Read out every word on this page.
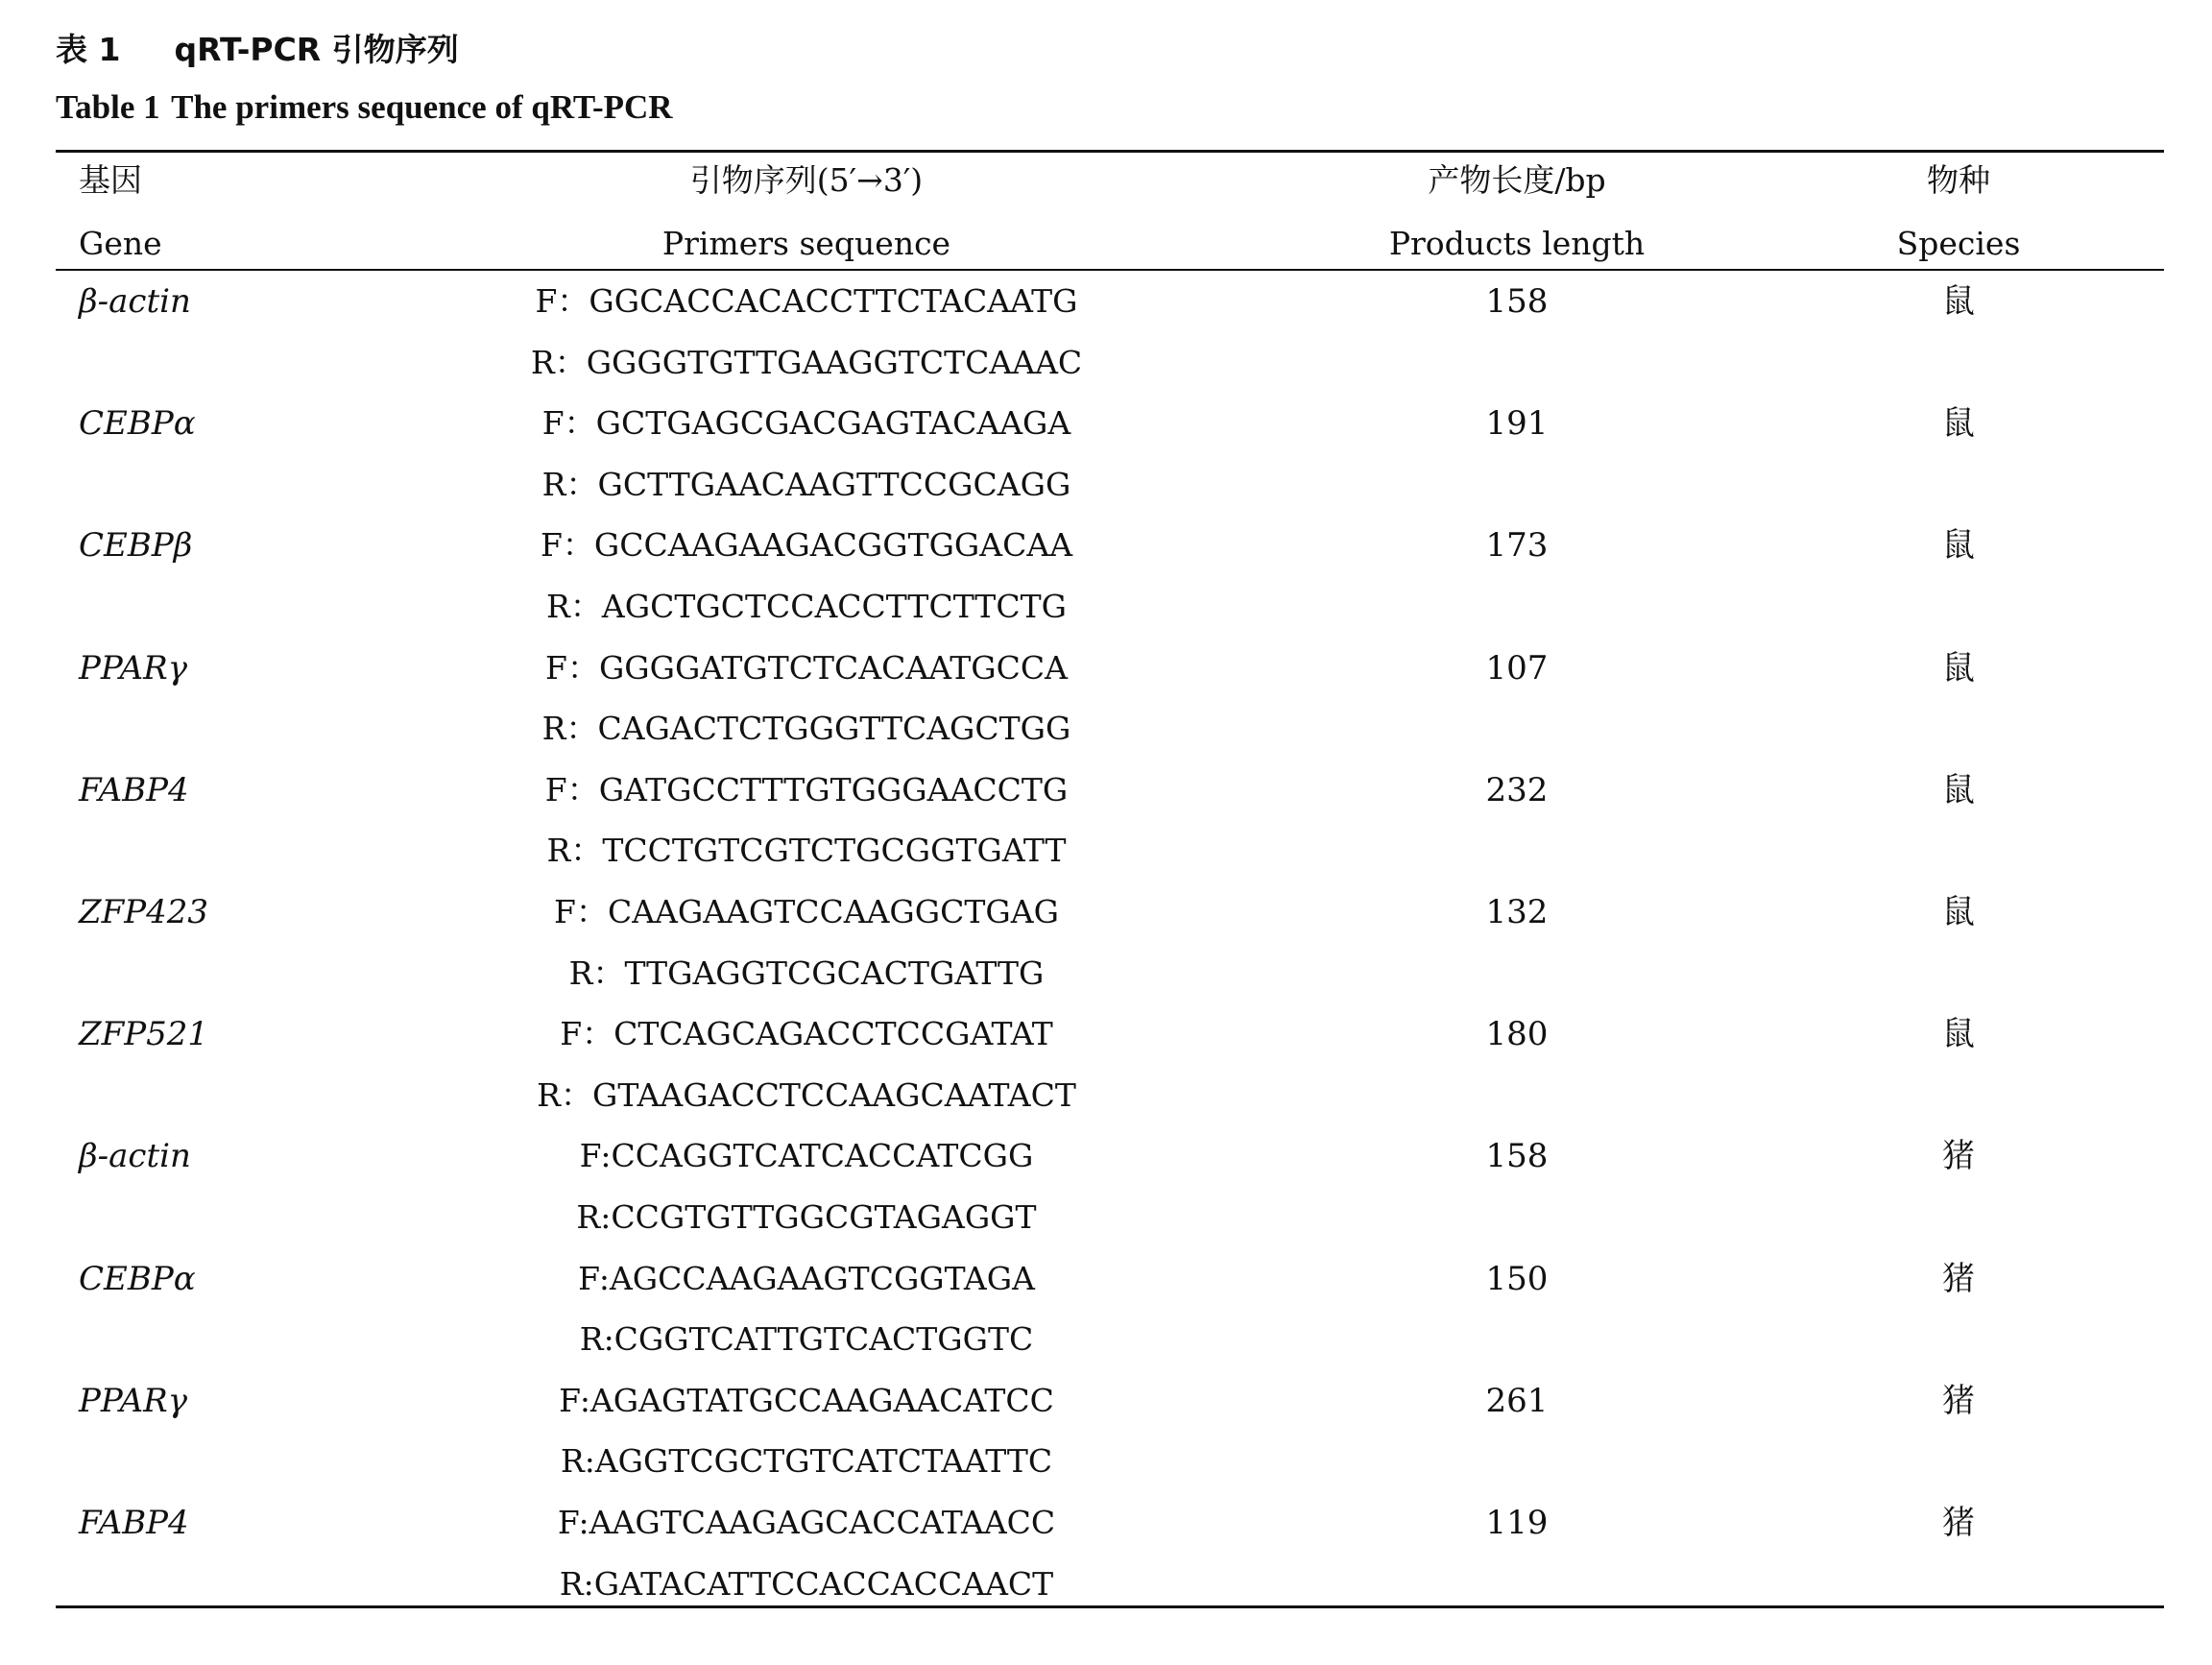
表 1 qRT-PCR 引物序列
Table 1 The primers sequence of qRT-PCR
基因	引物序列(5′→3′)	产物长度/bp	物种
Gene	Primers sequence	Products length	Species
β-actin	F：GGCACCACACCTTCTACAATG	158	鼠
R：GGGGTGTTGAAGGTCTCAAAC
CEBPα	F：GCTGAGCGACGAGTACAAGA	191	鼠
R：GCTTGAACAAGTTCCGCAGG
CEBPβ	F：GCCAAGAAGACGGTGGACAA	173	鼠
R：AGCTGCTCCACCTTCTTCTG
PPARγ	F：GGGGATGTCTCACAATGCCA	107	鼠
R：CAGACTCTGGGTTCAGCTGG
FABP4	F：GATGCCTTTGTGGGAACCTG	232	鼠
R：TCCTGTCGTCTGCGGTGATT
ZFP423	F：CAAGAAGTCCAAGGCTGAG	132	鼠
R：TTGAGGTCGCACTGATTG
ZFP521	F：CTCAGCAGACCTCCGATAT	180	鼠
R：GTAAGACCTCCAAGCAATACT
β-actin	F:CCAGGTCATCACCATCGG	158	猪
R:CCGTGTTGGCGTAGAGGT
CEBPα	F:AGCCAAGAAGTCGGTAGA	150	猪
R:CGGTCATTGTCACTGGTC
PPARγ	F:AGAGTATGCCAAGAACATCC	261	猪
R:AGGTCGCTGTCATCTAATTC
FABP4	F:AAGTCAAGAGCACCATAACC	119	猪
R:GATACATTCCACCACCAACT
